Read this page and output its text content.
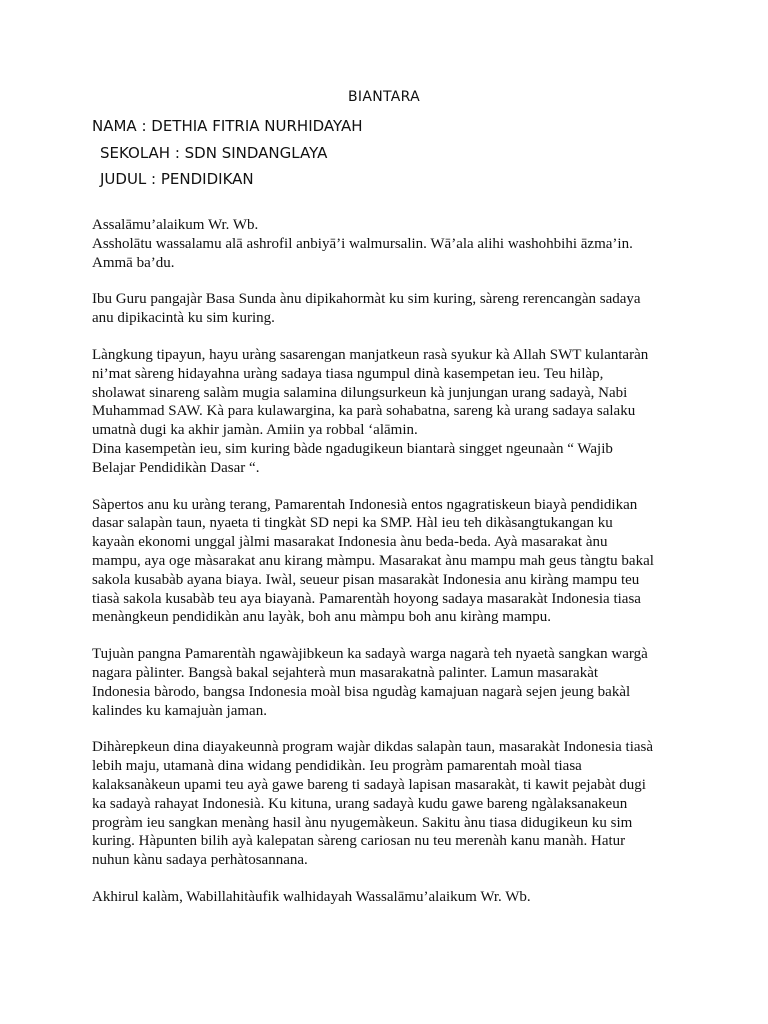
BIANTARA
NAMA : DETHIA FITRIA NURHIDAYAH
SEKOLAH : SDN SINDANGLAYA
JUDUL : PENDIDIKAN
Assalāmu’alaikum Wr. Wb.
Assholātu wassalamu alā ashrofil anbiyā’i walmursalin. Wā’ala alihi washohbihi āzma’in.
Ammā ba’du.
Ibu Guru pangajàr Basa Sunda ànu dipikahormàt ku sim kuring, sàreng rerencangàn sadaya
anu dipikacintà ku sim kuring.
Làngkung tipayun, hayu uràng sasarengan manjatkeun rasà syukur kà Allah SWT kulantaràn
ni’mat sàreng hidayahna uràng sadaya tiasa ngumpul dinà kasempetan ieu. Teu hilàp,
sholawat sinareng salàm mugia salamina dilungsurkeun kà junjungan urang sadayà, Nabi
Muhammad SAW. Kà para kulawargina, ka parà sohabatna, sareng kà urang sadaya salaku
umatnà dugi ka akhir jamàn. Amiin ya robbal ‘alāmin.
Dina kasempetàn ieu, sim kuring bàde ngadugikeun biantarà singget ngeunaàn “ Wajib
Belajar Pendidikàn Dasar “.
Sàpertos anu ku uràng terang, Pamarentah Indonesià entos ngagratiskeun biayà pendidikan
dasar salapàn taun, nyaeta ti tingkàt SD nepi ka SMP. Hàl ieu teh dikàsangtukangan ku
kayaàn ekonomi unggal jàlmi masarakat Indonesia ànu beda-beda. Ayà masarakat ànu
mampu, aya oge màsarakat anu kirang màmpu. Masarakat ànu mampu mah geus tàngtu bakal
sakola kusabàb ayana biaya. Iwàl, seueur pisan masarakàt Indonesia anu kiràng mampu teu
tiasà sakola kusabàb teu aya biayanà. Pamarentàh hoyong sadaya masarakàt Indonesia tiasa
menàngkeun pendidikàn anu layàk, boh anu màmpu boh anu kiràng mampu.
Tujuàn pangna Pamarentàh ngawàjibkeun ka sadayà warga nagarà teh nyaetà sangkan wargà
nagara pàlinter. Bangsà bakal sejahterà mun masarakatnà palinter. Lamun masarakàt
Indonesia bàrodo, bangsa Indonesia moàl bisa ngudàg kamajuan nagarà sejen jeung bakàl
kalindes ku kamajuàn jaman.
Dihàrepkeun dina diayakeunnà program wajàr dikdas salapàn taun, masarakàt Indonesia tiasà
lebih maju, utamanà dina widang pendidikàn. Ieu progràm pamarentah moàl tiasa
kalaksanàkeun upami teu ayà gawe bareng ti sadayà lapisan masarakàt, ti kawit pejabàt dugi
ka sadayà rahayat Indonesià. Ku kituna, urang sadayà kudu gawe bareng ngàlaksanakeun
progràm ieu sangkan menàng hasil ànu nyugemàkeun. Sakitu ànu tiasa didugikeun ku sim
kuring. Hàpunten bilih ayà kalepatan sàreng cariosan nu teu merenàh kanu manàh. Hatur
nuhun kànu sadaya perhàtosannana.
Akhirul kalàm, Wabillahitàufik walhidayah Wassalāmu’alaikum Wr. Wb.
